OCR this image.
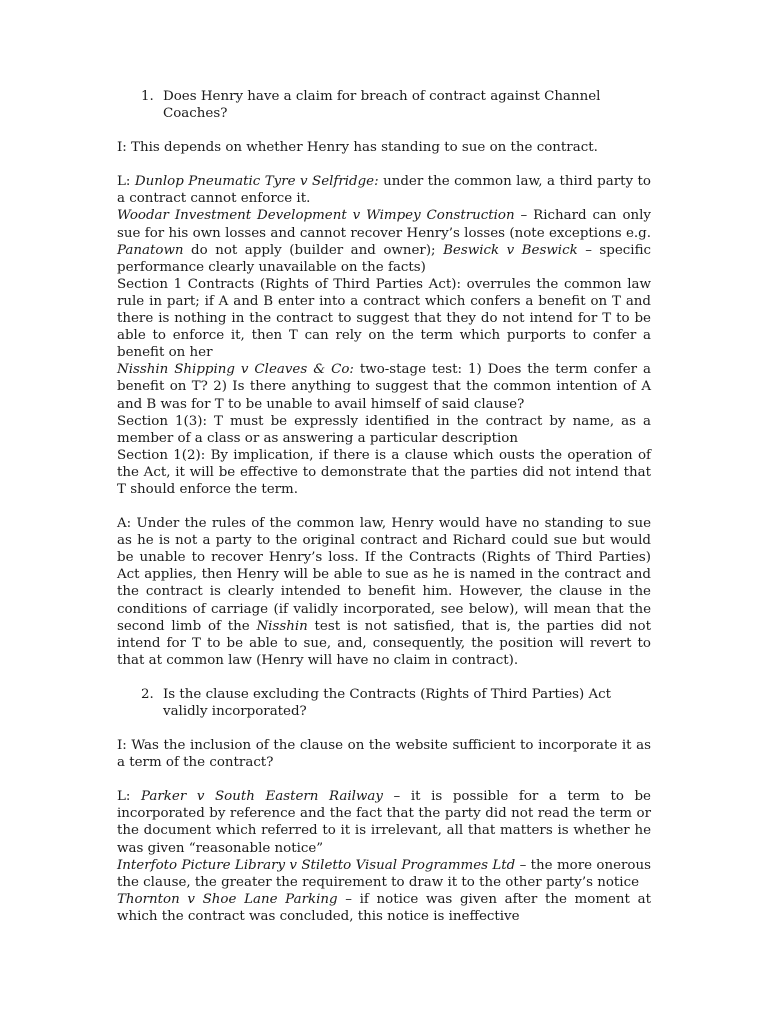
1. Does Henry have a claim for breach of contract against Channel Coaches?

I: This depends on whether Henry has standing to sue on the contract.

L: Dunlop Pneumatic Tyre v Selfridge: under the common law, a third party to a contract cannot enforce it.

Woodar Investment Development v Wimpey Construction – Richard can only sue for his own losses and cannot recover Henry’s losses (note exceptions e.g. Panatown do not apply (builder and owner); Beswick v Beswick – specific performance clearly unavailable on the facts)

Section 1 Contracts (Rights of Third Parties Act): overrules the common law rule in part; if A and B enter into a contract which confers a benefit on T and there is nothing in the contract to suggest that they do not intend for T to be able to enforce it, then T can rely on the term which purports to confer a benefit on her

Nisshin Shipping v Cleaves & Co: two-stage test: 1) Does the term confer a benefit on T? 2) Is there anything to suggest that the common intention of A and B was for T to be unable to avail himself of said clause?

Section 1(3): T must be expressly identified in the contract by name, as a member of a class or as answering a particular description

Section 1(2): By implication, if there is a clause which ousts the operation of the Act, it will be effective to demonstrate that the parties did not intend that T should enforce the term.

A: Under the rules of the common law, Henry would have no standing to sue as he is not a party to the original contract and Richard could sue but would be unable to recover Henry’s loss. If the Contracts (Rights of Third Parties) Act applies, then Henry will be able to sue as he is named in the contract and the contract is clearly intended to benefit him. However, the clause in the conditions of carriage (if validly incorporated, see below), will mean that the second limb of the Nisshin test is not satisfied, that is, the parties did not intend for T to be able to sue, and, consequently, the position will revert to that at common law (Henry will have no claim in contract).

2. Is the clause excluding the Contracts (Rights of Third Parties) Act validly incorporated?

I: Was the inclusion of the clause on the website sufficient to incorporate it as a term of the contract?

L: Parker v South Eastern Railway – it is possible for a term to be incorporated by reference and the fact that the party did not read the term or the document which referred to it is irrelevant, all that matters is whether he was given “reasonable notice”

Interfoto Picture Library v Stiletto Visual Programmes Ltd – the more onerous the clause, the greater the requirement to draw it to the other party’s notice

Thornton v Shoe Lane Parking – if notice was given after the moment at which the contract was concluded, this notice is ineffective
